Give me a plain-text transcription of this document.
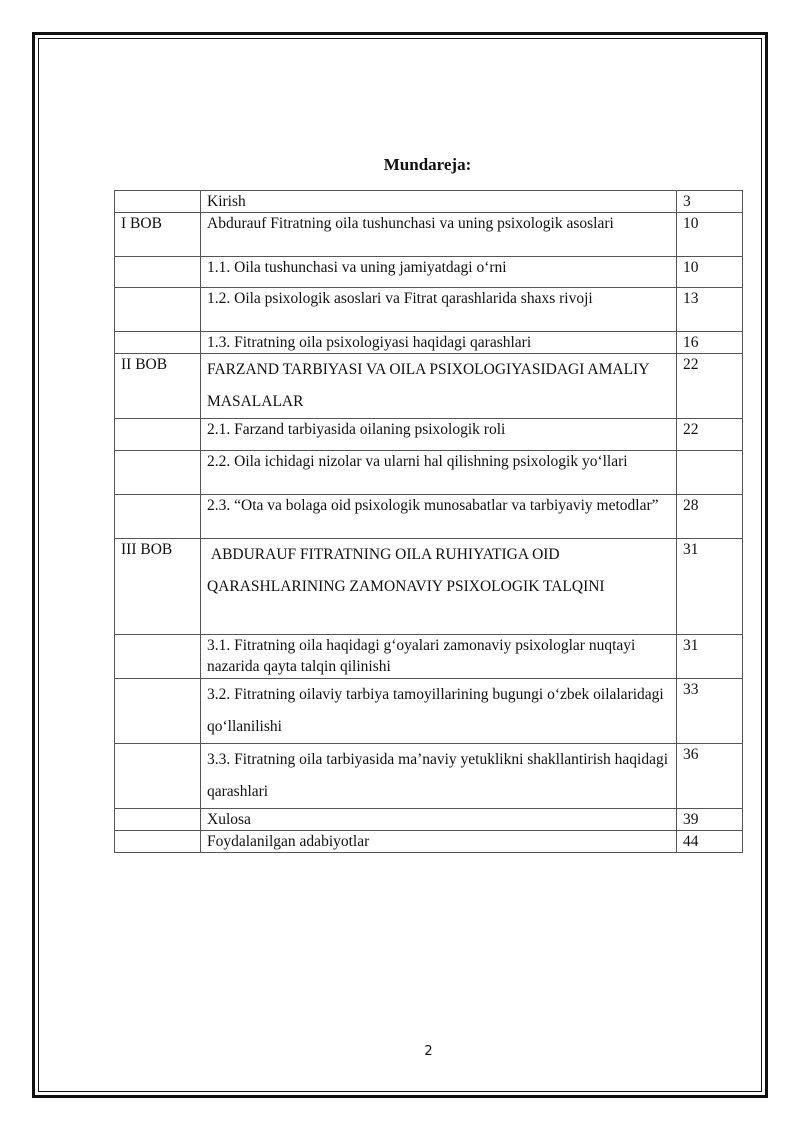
Mundareja:
	Kirish	3
I BOB	Abdurauf Fitratning oila tushunchasi va uning psixologik asoslari	10
	1.1. Oila tushunchasi va uning jamiyatdagi o‘rni	10
	1.2. Oila psixologik asoslari va Fitrat qarashlarida shaxs rivoji	13
	1.3. Fitratning oila psixologiyasi haqidagi qarashlari	16
II BOB	FARZAND TARBIYASI VA OILA PSIXOLOGIYASIDAGI AMALIY MASALALAR	22
	2.1. Farzand tarbiyasida oilaning psixologik roli	22
	2.2. Oila ichidagi nizolar va ularni hal qilishning psixologik yo‘llari	
	2.3. “Ota va bolaga oid psixologik munosabatlar va tarbiyaviy metodlar”	28
III BOB	ABDURAUF FITRATNING OILA RUHIYATIGA OID QARASHLARINING ZAMONAVIY PSIXOLOGIK TALQINI	31
	3.1. Fitratning oila haqidagi g‘oyalari zamonaviy psixologlar nuqtayi nazarida qayta talqin qilinishi	31

	3.2. Fitratning oilaviy tarbiya tamoyillarining bugungi o‘zbek oilalaridagi qo‘llanilishi	33

	3.3. Fitratning oila tarbiyasida ma’naviy yetuklikni shakllantirish haqidagi qarashlari	36
	Xulosa	39
	Foydalanilgan adabiyotlar	44
2
